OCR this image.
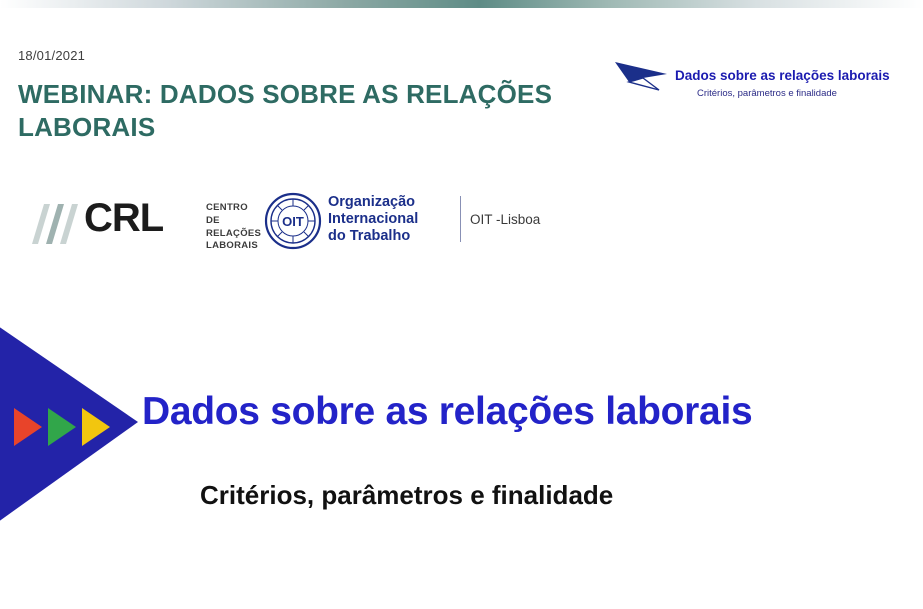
18/01/2021
WEBINAR: DADOS SOBRE AS RELAÇÕES LABORAIS
Dados sobre as relações laborais
Critérios, parâmetros e finalidade
CRL	CENTRO DE
RELAÇÕES
LABORAIS
OIT
Organização
Internacional
do Trabalho
OIT -Lisboa
Dados sobre as relações laborais
Critérios, parâmetros e finalidade
